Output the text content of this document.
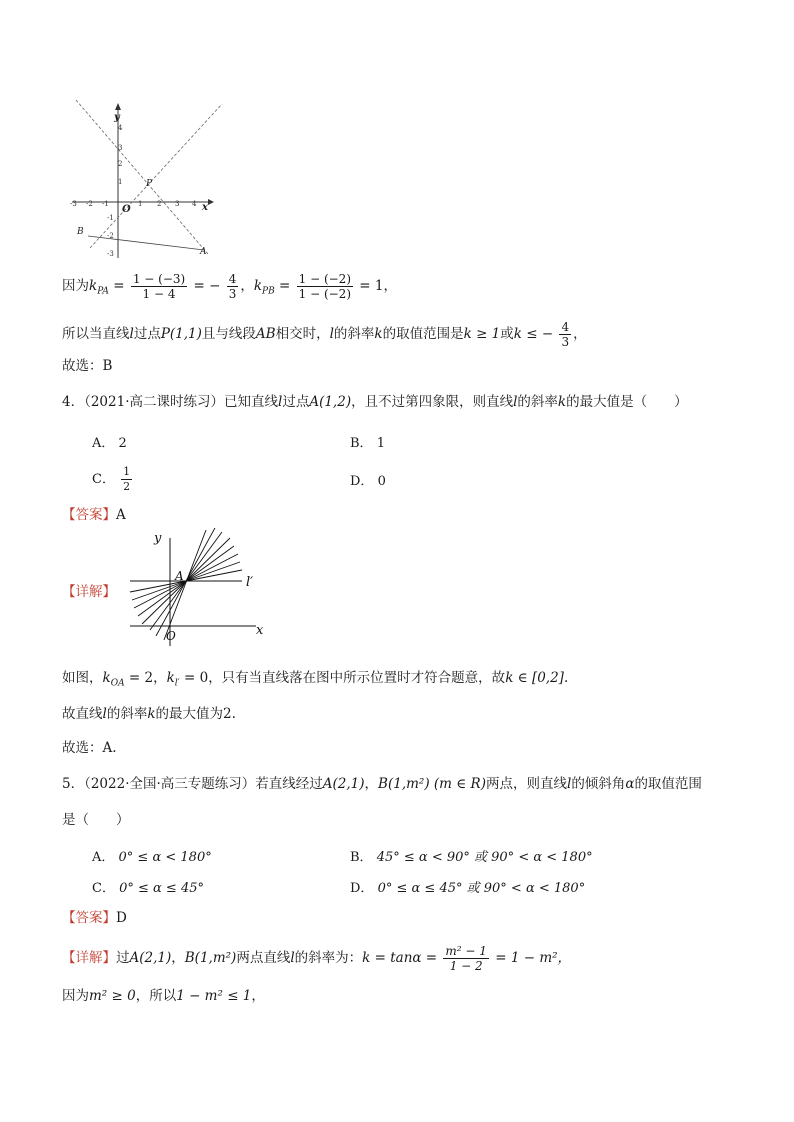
4
3
2
1
-1
-2
-3
-3 -2 -1	1 2 3 4
y
x
O
P
B
A
因为$k_{PA} = \frac{1 - (-3)}{1 - 4}$ = − $\frac{4}{3}$ ，$k_{PB} = \frac{1 - (-2)}{1 - (-2)} = 1$，
所以当直线l过点P(1,1)且与线段AB相交时，l的斜率k的取值范围是k ≥ 1或k ≤ − $\frac{4}{3}$ ，
故选：B
4．（2021·高二课时练习）已知直线l过点A(1,2)，且不过第四象限，则直线l的斜率k的最大值是（　　）
A． 2	B． 1
C． $\frac{1}{2}$	D． 0
【答案】A
【详解】
y
A	l′
O	x
如图，$k_{OA} = 2$，$k_{l'} = 0$，只有当直线落在图中所示位置时才符合题意，故k ∈ [0,2].
故直线l的斜率k的最大值为2.
故选：A.
5．（2022·全国·高三专题练习）若直线经过A(2,1)，B(1,m²) (m ∈ R)两点，则直线l的倾斜角α的取值范围
是（　　）
A． 0° ≤ α < 180°	B． 45° ≤ α < 90° 或 90° < α < 180°
C． 0° ≤ α ≤ 45°	D． 0° ≤ α ≤ 45° 或 90° < α < 180°
【答案】D
【详解】过A(2,1)，B(1,m²)两点直线l的斜率为：$k = \tan\alpha = \frac{\text{m² − 1}}{1 - 2} = 1 - m^2$，
因为m² ≥ 0，所以1 − m² ≤ 1，
